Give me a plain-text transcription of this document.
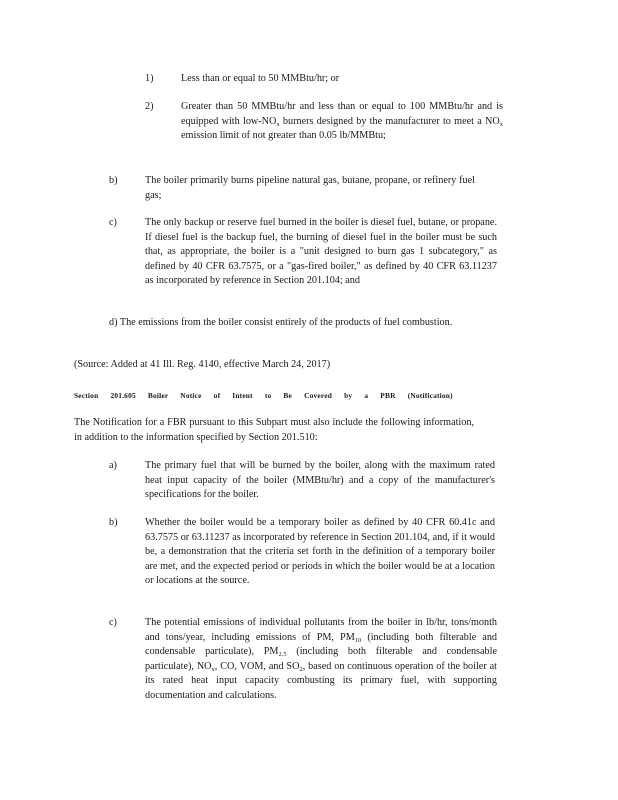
1)	Less than or equal to 50 MMBtu/hr; or
2)	Greater than 50 MMBtu/hr and less than or equal to 100 MMBtu/hr and is equipped with low-$NO_x$ burners designed by the manufacturer to meet a $NO_x$ emission limit of not greater than 0.05 lb/MMBtu;
b)	The boiler primarily burns pipeline natural gas, butane, propane, or refinery fuel gas;
c)	The only backup or reserve fuel burned in the boiler is diesel fuel, butane, or propane. If diesel fuel is the backup fuel, the burning of diesel fuel in the boiler must be such that, as appropriate, the boiler is a "unit designed to burn gas 1 subcategory," as defined by 40 CFR 63.7575, or a "gas-fired boiler," as defined by 40 CFR 63.11237 as incorporated by reference in Section 201.104; and
d) The emissions from the boiler consist entirely of the products of fuel combustion.
(Source: Added at 41 Ill. Reg. 4140, effective March 24, 2017)
Section 201.605 Boiler Notice of Intent to Be Covered by a PBR (Notification)
The Notification for a FBR pursuant to this Subpart must also include the following information, in addition to the information specified by Section 201.510:
a)	The primary fuel that will be burned by the boiler, along with the maximum rated heat input capacity of the boiler (MMBtu/hr) and a copy of the manufacturer's specifications for the boiler.
b)	Whether the boiler would be a temporary boiler as defined by 40 CFR 60.41c and 63.7575 or 63.11237 as incorporated by reference in Section 201.104, and, if it would be, a demonstration that the criteria set forth in the definition of a temporary boiler are met, and the expected period or periods in which the boiler would be at a location or locations at the source.
c)	The potential emissions of individual pollutants from the boiler in lb/hr, tons/month and tons/year, including emissions of PM, $PM_{10}$ (including both filterable and condensable particulate), $PM_{2.5}$ (including both filterable and condensable particulate), $NO_x$, CO, VOM, and $SO_2$, based on continuous operation of the boiler at its rated heat input capacity combusting its primary fuel, with supporting documentation and calculations.
